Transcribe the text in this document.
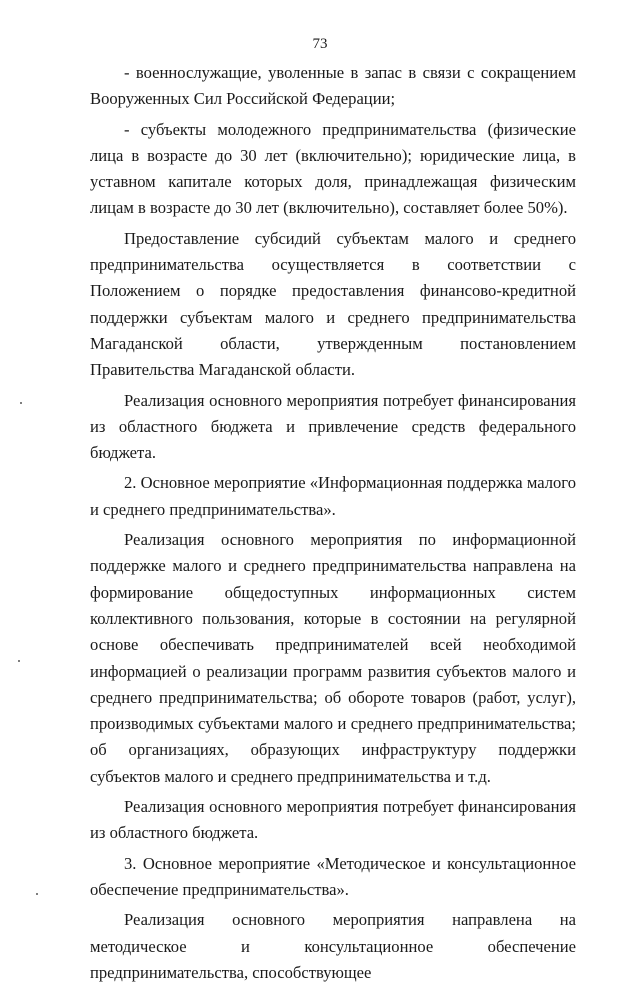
73

- военнослужащие, уволенные в запас в связи с сокращением Вооруженных Сил Российской Федерации;

- субъекты молодежного предпринимательства (физические лица в возрасте до 30 лет (включительно); юридические лица, в уставном капитале которых доля, принадлежащая физическим лицам в возрасте до 30 лет (включительно), составляет более 50%).

Предоставление субсидий субъектам малого и среднего предпринимательства осуществляется в соответствии с Положением о порядке предоставления финансово-кредитной поддержки субъектам малого и среднего предпринимательства Магаданской области, утвержденным постановлением Правительства Магаданской области.

Реализация основного мероприятия потребует финансирования из областного бюджета и привлечение средств федерального бюджета.

2. Основное мероприятие «Информационная поддержка малого и среднего предпринимательства».

Реализация основного мероприятия по информационной поддержке малого и среднего предпринимательства направлена на формирование общедоступных информационных систем коллективного пользования, которые в состоянии на регулярной основе обеспечивать предпринимателей всей необходимой информацией о реализации программ развития субъектов малого и среднего предпринимательства; об обороте товаров (работ, услуг), производимых субъектами малого и среднего предпринимательства; об организациях, образующих инфраструктуру поддержки субъектов малого и среднего предпринимательства и т.д.

Реализация основного мероприятия потребует финансирования из областного бюджета.

3. Основное мероприятие «Методическое и консультационное обеспечение предпринимательства».

Реализация основного мероприятия направлена на методическое и консультационное обеспечение предпринимательства, способствующее
